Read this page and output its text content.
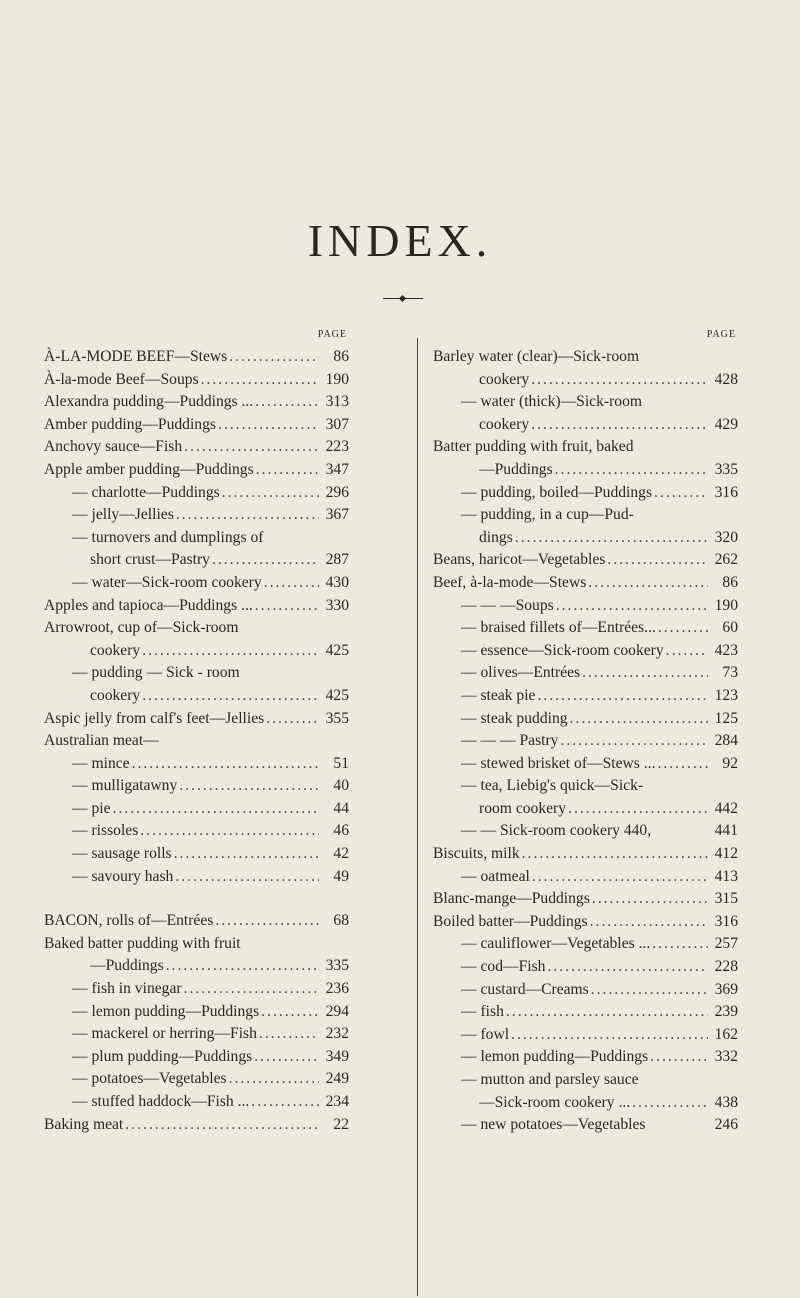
INDEX.
PAGE
À-LA-MODE BEEF—Stews .....	86
À-la-mode Beef—Soups .....	190
Alexandra pudding—Puddings ... .....	313
Amber pudding—Puddings .....	307
Anchovy sauce—Fish .....	223
Apple amber pudding—Puddings .....	347
— charlotte—Puddings .....	296
— jelly—Jellies .....	367
— turnovers and dumplings of
short crust—Pastry .....	287
— water—Sick-room cookery .....	430
Apples and tapioca—Puddings ... .....	330
Arrowroot, cup of—Sick-room
cookery .....	425
— pudding — Sick - room
cookery .....	425
Aspic jelly from calf's feet—Jellies .....	355
Australian meat—
— mince .....	51
— mulligatawny .....	40
— pie .....	44
— rissoles .....	46
— sausage rolls .....	42
— savoury hash .....	49
BACON, rolls of—Entrées .....	68
Baked batter pudding with fruit
—Puddings .....	335
— fish in vinegar .....	236
— lemon pudding—Puddings .....	294
— mackerel or herring—Fish .....	232
— plum pudding—Puddings .....	349
— potatoes—Vegetables .....	249
— stuffed haddock—Fish ... .....	234
Baking meat .....	22
PAGE
Barley water (clear)—Sick-room
cookery .....	428
— water (thick)—Sick-room
cookery .....	429
Batter pudding with fruit, baked
—Puddings .....	335
— pudding, boiled—Puddings .....	316
— pudding, in a cup—Pud-
dings .....	320
Beans, haricot—Vegetables .....	262
Beef, à-la-mode—Stews .....	86
— — —Soups .....	190
— braised fillets of—Entrées... .....	60
— essence—Sick-room cookery .....	423
— olives—Entrées .....	73
— steak pie .....	123
— steak pudding .....	125
— — — Pastry .....	284
— stewed brisket of—Stews ... .....	92
— tea, Liebig's quick—Sick-
room cookery .....	442
— — Sick-room cookery 440,	441
Biscuits, milk .....	412
— oatmeal .....	413
Blanc-mange—Puddings .....	315
Boiled batter—Puddings .....	316
— cauliflower—Vegetables ... .....	257
— cod—Fish .....	228
— custard—Creams .....	369
— fish .....	239
— fowl .....	162
— lemon pudding—Puddings .....	332
— mutton and parsley sauce
—Sick-room cookery ... .....	438
— new potatoes—Vegetables	246
